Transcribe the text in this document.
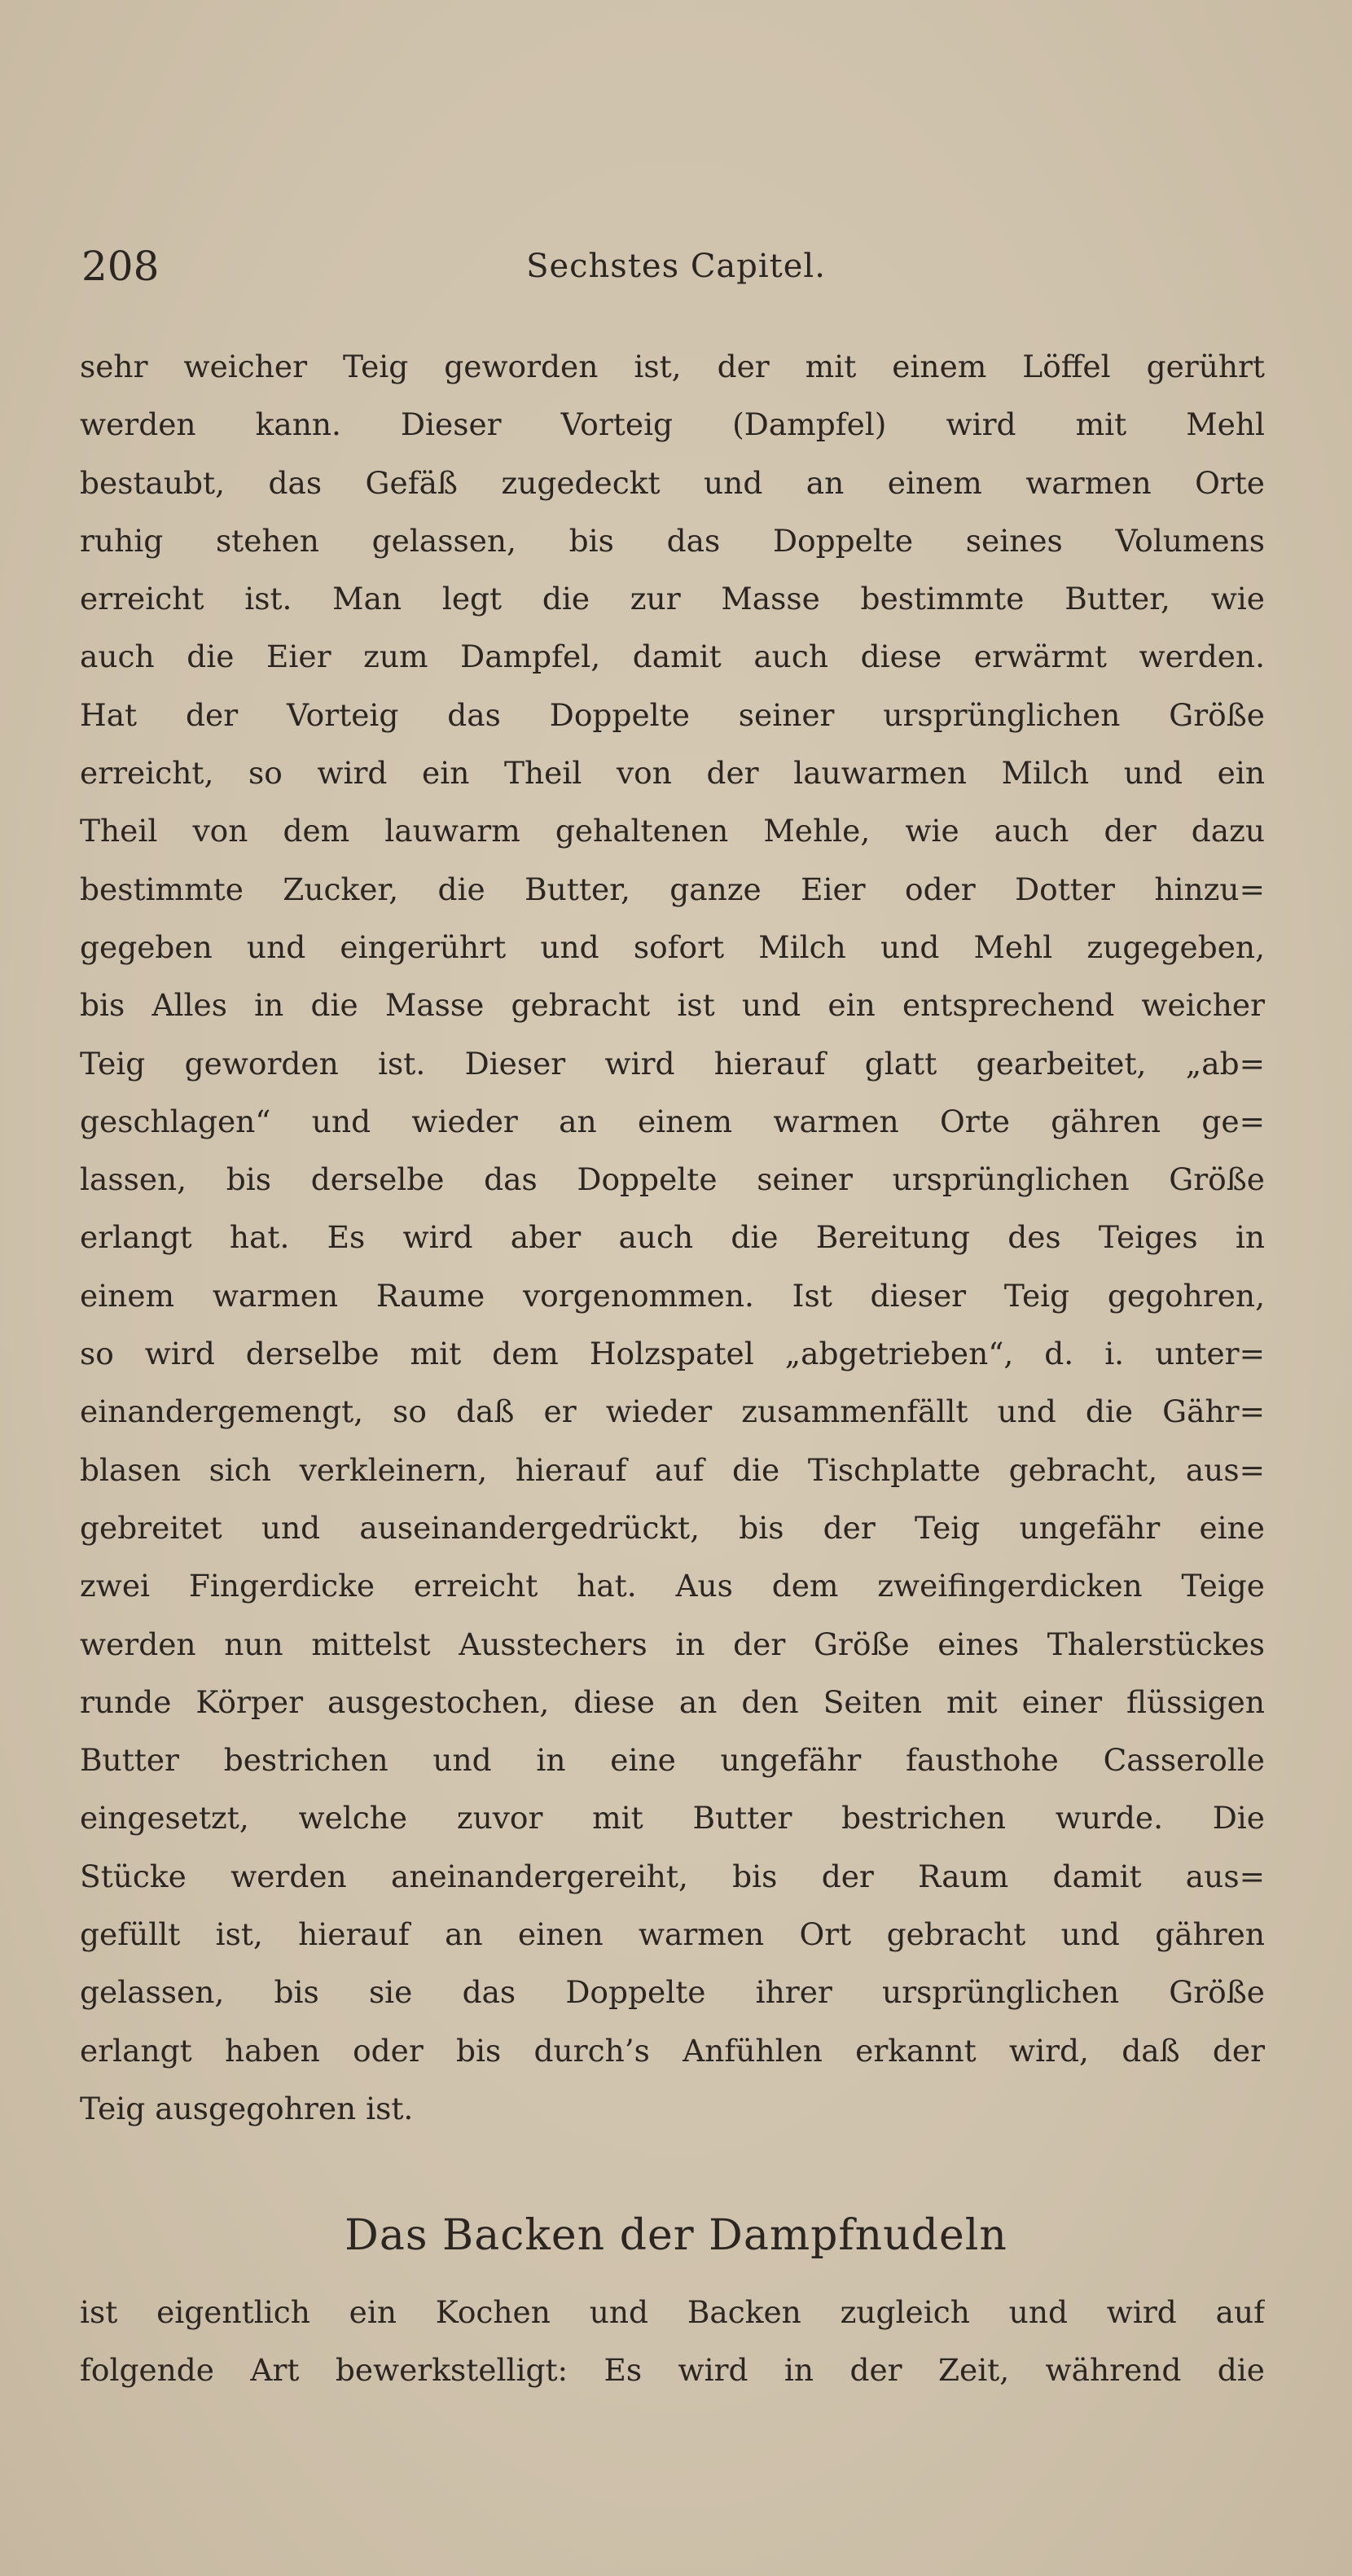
208	Sechstes Capitel.
sehr weicher Teig geworden ist, der mit einem Löffel gerührt
werden kann. Dieser Vorteig (Dampfel) wird mit Mehl
bestaubt, das Gefäß zugedeckt und an einem warmen Orte
ruhig stehen gelassen, bis das Doppelte seines Volumens
erreicht ist. Man legt die zur Masse bestimmte Butter, wie
auch die Eier zum Dampfel, damit auch diese erwärmt werden.
Hat der Vorteig das Doppelte seiner ursprünglichen Größe
erreicht, so wird ein Theil von der lauwarmen Milch und ein
Theil von dem lauwarm gehaltenen Mehle, wie auch der dazu
bestimmte Zucker, die Butter, ganze Eier oder Dotter hinzu=
gegeben und eingerührt und sofort Milch und Mehl zugegeben,
bis Alles in die Masse gebracht ist und ein entsprechend weicher
Teig geworden ist. Dieser wird hierauf glatt gearbeitet, „ab=
geschlagen“ und wieder an einem warmen Orte gähren ge=
lassen, bis derselbe das Doppelte seiner ursprünglichen Größe
erlangt hat. Es wird aber auch die Bereitung des Teiges in
einem warmen Raume vorgenommen. Ist dieser Teig gegohren,
so wird derselbe mit dem Holzspatel „abgetrieben“, d. i. unter=
einandergemengt, so daß er wieder zusammenfällt und die Gähr=
blasen sich verkleinern, hierauf auf die Tischplatte gebracht, aus=
gebreitet und auseinandergedrückt, bis der Teig ungefähr eine
zwei Fingerdicke erreicht hat. Aus dem zweifingerdicken Teige
werden nun mittelst Ausstechers in der Größe eines Thalerstückes
runde Körper ausgestochen, diese an den Seiten mit einer flüssigen
Butter bestrichen und in eine ungefähr fausthohe Casserolle
eingesetzt, welche zuvor mit Butter bestrichen wurde. Die
Stücke werden aneinandergereiht, bis der Raum damit aus=
gefüllt ist, hierauf an einen warmen Ort gebracht und gähren
gelassen, bis sie das Doppelte ihrer ursprünglichen Größe
erlangt haben oder bis durch’s Anfühlen erkannt wird, daß der
Teig ausgegohren ist.
Das Backen der Dampfnudeln
ist eigentlich ein Kochen und Backen zugleich und wird auf
folgende Art bewerkstelligt: Es wird in der Zeit, während die
